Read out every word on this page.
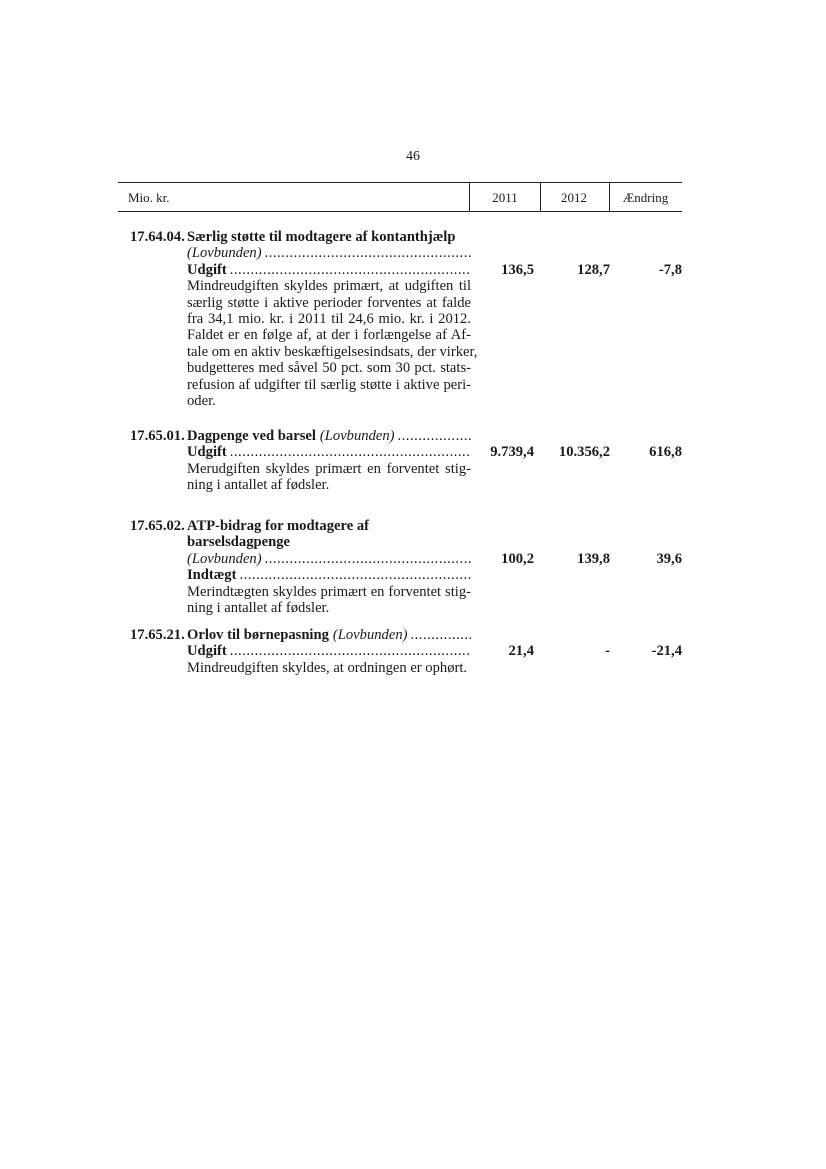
46
Mio. kr.	2011	2012	Ændring
17.64.04. Særlig støtte til modtagere af kontanthjælp
(Lovbunden)
.....
Udgift
.....
Mindreudgiften skyldes primært, at udgiften til
særlig støtte i aktive perioder forventes at falde
fra 34,1 mio. kr. i 2011 til 24,6 mio. kr. i 2012.
Faldet er en følge af, at der i forlængelse af Af-
tale om en aktiv beskæftigelsesindsats, der virker,
budgetteres med såvel 50 pct. som 30 pct. stats-
refusion af udgifter til særlig støtte i aktive peri-
oder.
136,5	128,7	-7,8
17.65.01. Dagpenge ved barsel (Lovbunden)
.....
Udgift
.....
Merudgiften skyldes primært en forventet stig-
ning i antallet af fødsler.
9.739,4 10.356,2	616,8
17.65.02. ATP-bidrag for modtagere af barselsdagpenge
(Lovbunden)
.....
Indtægt
.....
Merindtægten skyldes primært en forventet stig-
ning i antallet af fødsler.
100,2	139,8	39,6
17.65.21. Orlov til børnepasning (Lovbunden)
.....
Udgift
.....
Mindreudgiften skyldes, at ordningen er ophørt.
21,4	-	-21,4
